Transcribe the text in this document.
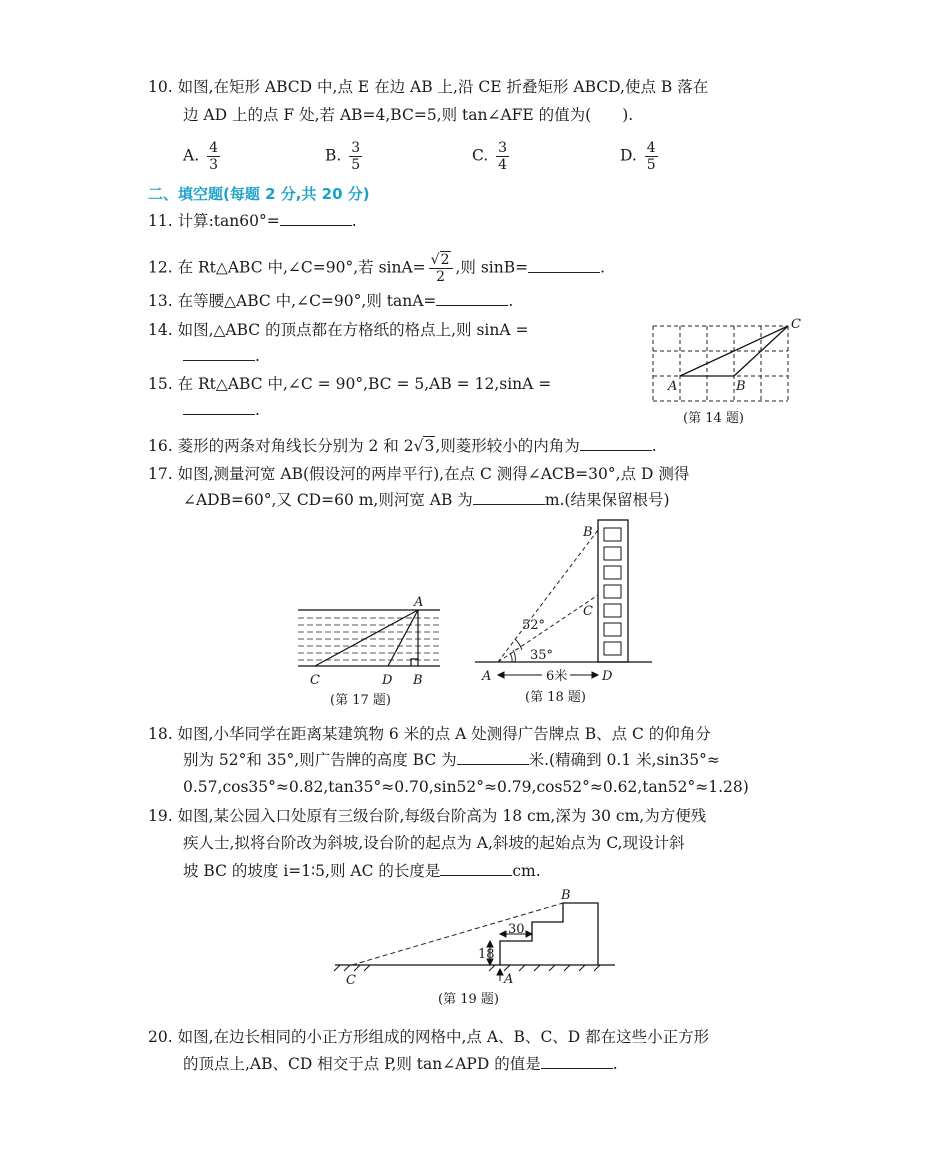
10. 如图,在矩形 ABCD 中,点 E 在边 AB 上,沿 CE 折叠矩形 ABCD,使点 B 落在
边 AD 上的点 F 处,若 AB=4,BC=5,则 tan∠AFE 的值为(　　).
A. $\frac{4}{3}$	B. $\frac{3}{5}$	C. $\frac{3}{4}$	D. $\frac{4}{5}$
二、填空题(每题 2 分,共 20 分)
11. 计算:tan60°=	.
12. 在 Rt△ABC 中,∠C=90°,若 $\sin A= \frac{√2}{2}$ ,则 sinB=	.
13. 在等腰△ABC 中,∠C=90°,则 tanA=	.
14. 如图,△ABC 的顶点都在方格纸的格点上,则 sinA =
.
15. 在 Rt△ABC 中,∠C = 90°,BC = 5,AB = 12,sinA =
.
A	B
C
(第 14 题)
16. 菱形的两条对角线长分别为 2 和 2√3,则菱形较小的内角为	.
17. 如图,测量河宽 AB(假设河的两岸平行),在点 C 测得∠ACB=30°,点 D 测得
∠ADB=60°,又 CD=60 m,则河宽 AB 为	m.(结果保留根号)
A
C	D B
(第 17 题)
B
C
52°
35°
A	D
6米
(第 18 题)
18. 如图,小华同学在距离某建筑物 6 米的点 A 处测得广告牌点 B、点 C 的仰角分
别为 52°和 35°,则广告牌的高度 BC 为	米.(精确到 0.1 米,sin35°≈
0.57,cos35°≈0.82,tan35°≈0.70,sin52°≈0.79,cos52°≈0.62,tan52°≈1.28)
19. 如图,某公园入口处原有三级台阶,每级台阶高为 18 cm,深为 30 cm,为方便残
疾人士,拟将台阶改为斜坡,设台阶的起点为 A,斜坡的起始点为 C,现设计斜
坡 BC 的坡度 i=1∶5,则 AC 的长度是	cm.
18
30
B
A
C
(第 19 题)
20. 如图,在边长相同的小正方形组成的网格中,点 A、B、C、D 都在这些小正方形
的顶点上,AB、CD 相交于点 P,则 tan∠APD 的值是	.
